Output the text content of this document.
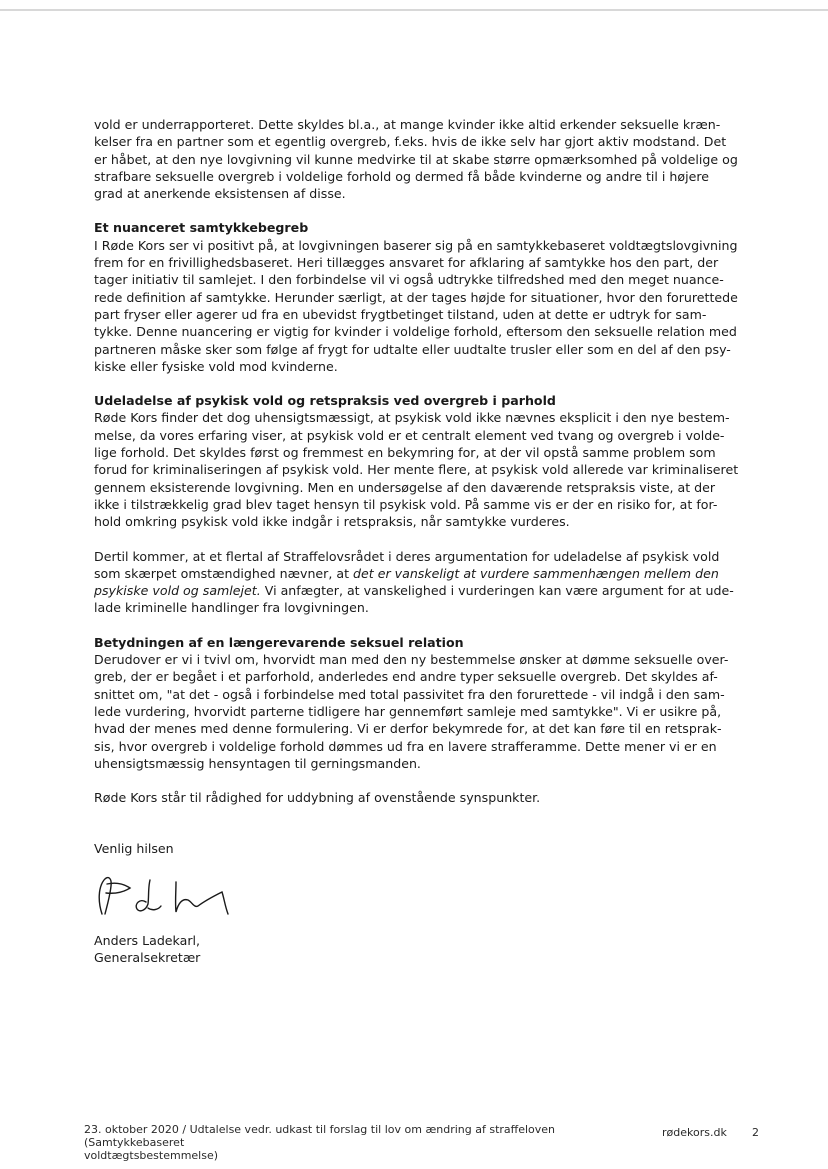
vold er underrapporteret. Dette skyldes bl.a., at mange kvinder ikke altid erkender seksuelle kræn-

kelser fra en partner som et egentlig overgreb, f.eks. hvis de ikke selv har gjort aktiv modstand. Det

er håbet, at den nye lovgivning vil kunne medvirke til at skabe større opmærksomhed på voldelige og

strafbare seksuelle overgreb i voldelige forhold og dermed få både kvinderne og andre til i højere

grad at anerkende eksistensen af disse.

Et nuanceret samtykkebegreb

I Røde Kors ser vi positivt på, at lovgivningen baserer sig på en samtykkebaseret voldtægtslovgivning

frem for en frivillighedsbaseret. Heri tillægges ansvaret for afklaring af samtykke hos den part, der

tager initiativ til samlejet. I den forbindelse vil vi også udtrykke tilfredshed med den meget nuance-

rede definition af samtykke. Herunder særligt, at der tages højde for situationer, hvor den forurettede

part fryser eller agerer ud fra en ubevidst frygtbetinget tilstand, uden at dette er udtryk for sam-

tykke. Denne nuancering er vigtig for kvinder i voldelige forhold, eftersom den seksuelle relation med

partneren måske sker som følge af frygt for udtalte eller uudtalte trusler eller som en del af den psy-

kiske eller fysiske vold mod kvinderne.

Udeladelse af psykisk vold og retspraksis ved overgreb i parhold

Røde Kors finder det dog uhensigtsmæssigt, at psykisk vold ikke nævnes eksplicit i den nye bestem-

melse, da vores erfaring viser, at psykisk vold er et centralt element ved tvang og overgreb i volde-

lige forhold. Det skyldes først og fremmest en bekymring for, at der vil opstå samme problem som

forud for kriminaliseringen af psykisk vold. Her mente flere, at psykisk vold allerede var kriminaliseret

gennem eksisterende lovgivning. Men en undersøgelse af den daværende retspraksis viste, at der

ikke i tilstrækkelig grad blev taget hensyn til psykisk vold. På samme vis er der en risiko for, at for-

hold omkring psykisk vold ikke indgår i retspraksis, når samtykke vurderes.

Dertil kommer, at et flertal af Straffelovsrådet i deres argumentation for udeladelse af psykisk vold

som skærpet omstændighed nævner, at det er vanskeligt at vurdere sammenhængen mellem den

psykiske vold og samlejet. Vi anfægter, at vanskelighed i vurderingen kan være argument for at ude-

lade kriminelle handlinger fra lovgivningen.

Betydningen af en længerevarende seksuel relation

Derudover er vi i tvivl om, hvorvidt man med den ny bestemmelse ønsker at dømme seksuelle over-

greb, der er begået i et parforhold, anderledes end andre typer seksuelle overgreb. Det skyldes af-

snittet om, "at det - også i forbindelse med total passivitet fra den forurettede - vil indgå i den sam-

lede vurdering, hvorvidt parterne tidligere har gennemført samleje med samtykke". Vi er usikre på,

hvad der menes med denne formulering. Vi er derfor bekymrede for, at det kan føre til en retsprak-

sis, hvor overgreb i voldelige forhold dømmes ud fra en lavere strafferamme. Dette mener vi er en

uhensigtsmæssig hensyntagen til gerningsmanden.

Røde Kors står til rådighed for uddybning af ovenstående synspunkter.

Venlig hilsen

Anders Ladekarl,

Generalsekretær

23. oktober 2020 / Udtalelse vedr. udkast til forslag til lov om ændring af straffeloven (Samtykkebaseret
voldtægtsbestemmelse)
rødekors.dk 2
